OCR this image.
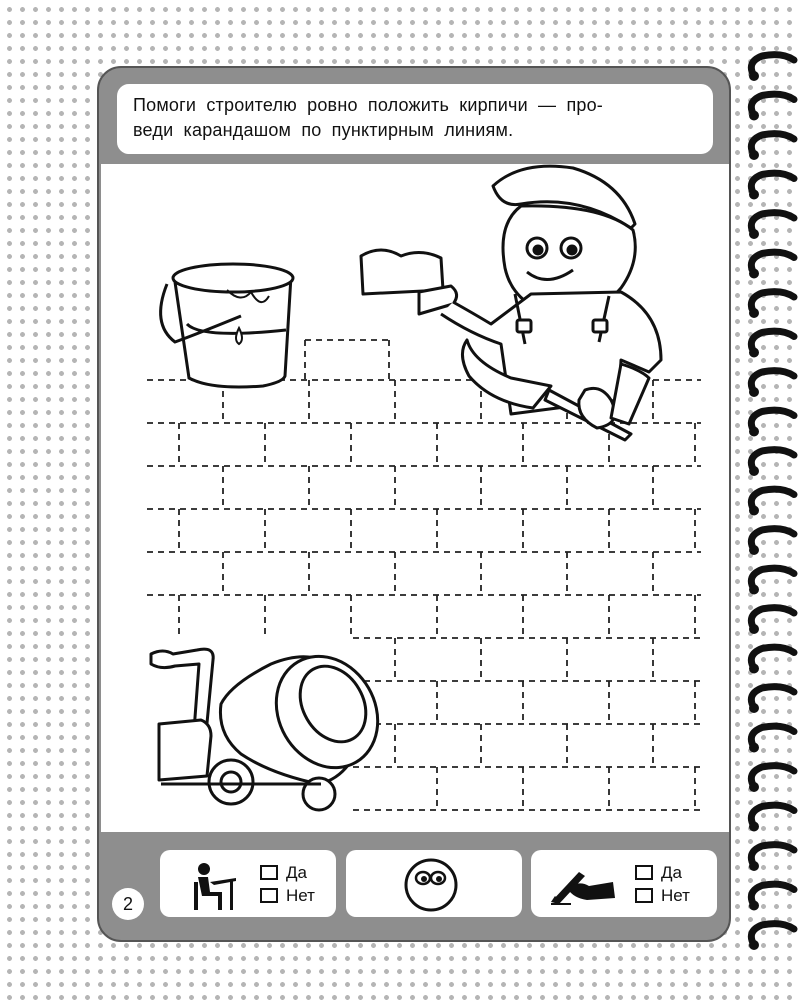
Помоги строителю ровно положить кирпичи — про-
веди карандашом по пунктирным линиям.
Да
Нет
Да
Нет
2
